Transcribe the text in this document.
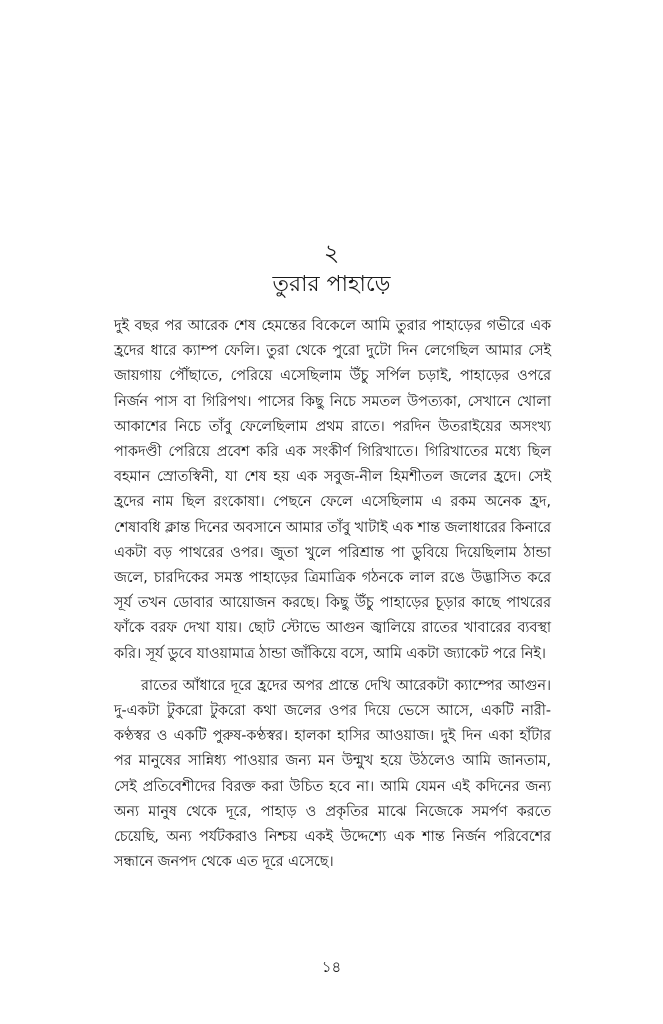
২
তুরার পাহাড়ে

দুই বছর পর আরেক শেষ হেমন্তের বিকেলে আমি তুরার পাহাড়ের গভীরে এক হ্রদের ধারে ক্যাম্প ফেলি। তুরা থেকে পুরো দুটো দিন লেগেছিল আমার সেই জায়গায় পৌঁছাতে, পেরিয়ে এসেছিলাম উঁচু সর্পিল চড়াই, পাহাড়ের ওপরে নির্জন পাস বা গিরিপথ। পাসের কিছু নিচে সমতল উপত্যকা, সেখানে খোলা আকাশের নিচে তাঁবু ফেলেছিলাম প্রথম রাতে। পরদিন উতরাইয়ের অসংখ্য পাকদণ্ডী পেরিয়ে প্রবেশ করি এক সংকীর্ণ গিরিখাতে। গিরিখাতের মধ্যে ছিল বহমান স্রোতস্বিনী, যা শেষ হয় এক সবুজ-নীল হিমশীতল জলের হ্রদে। সেই হ্রদের নাম ছিল রংকোষা। পেছনে ফেলে এসেছিলাম এ রকম অনেক হ্রদ, শেষাবধি ক্লান্ত দিনের অবসানে আমার তাঁবু খাটাই এক শান্ত জলাধারের কিনারে একটা বড় পাথরের ওপর। জুতা খুলে পরিশ্রান্ত পা ডুবিয়ে দিয়েছিলাম ঠান্ডা জলে, চারদিকের সমস্ত পাহাড়ের ত্রিমাত্রিক গঠনকে লাল রঙে উদ্ভাসিত করে সূর্য তখন ডোবার আয়োজন করছে। কিছু উঁচু পাহাড়ের চূড়ার কাছে পাথরের ফাঁকে বরফ দেখা যায়। ছোট স্টোভে আগুন জ্বালিয়ে রাতের খাবারের ব্যবস্থা করি। সূর্য ডুবে যাওয়ামাত্র ঠান্ডা জাঁকিয়ে বসে, আমি একটা জ্যাকেট পরে নিই।

রাতের আঁধারে দূরে হ্রদের অপর প্রান্তে দেখি আরেকটা ক্যাম্পের আগুন। দু-একটা টুকরো টুকরো কথা জলের ওপর দিয়ে ভেসে আসে, একটি নারী-কণ্ঠস্বর ও একটি পুরুষ-কণ্ঠস্বর। হালকা হাসির আওয়াজ। দুই দিন একা হাঁটার পর মানুষের সান্নিধ্য পাওয়ার জন্য মন উন্মুখ হয়ে উঠলেও আমি জানতাম, সেই প্রতিবেশীদের বিরক্ত করা উচিত হবে না। আমি যেমন এই কদিনের জন্য অন্য মানুষ থেকে দূরে, পাহাড় ও প্রকৃতির মাঝে নিজেকে সমর্পণ করতে চেয়েছি, অন্য পর্যটকরাও নিশ্চয় একই উদ্দেশ্যে এক শান্ত নির্জন পরিবেশের সন্ধানে জনপদ থেকে এত দূরে এসেছে।

১৪
